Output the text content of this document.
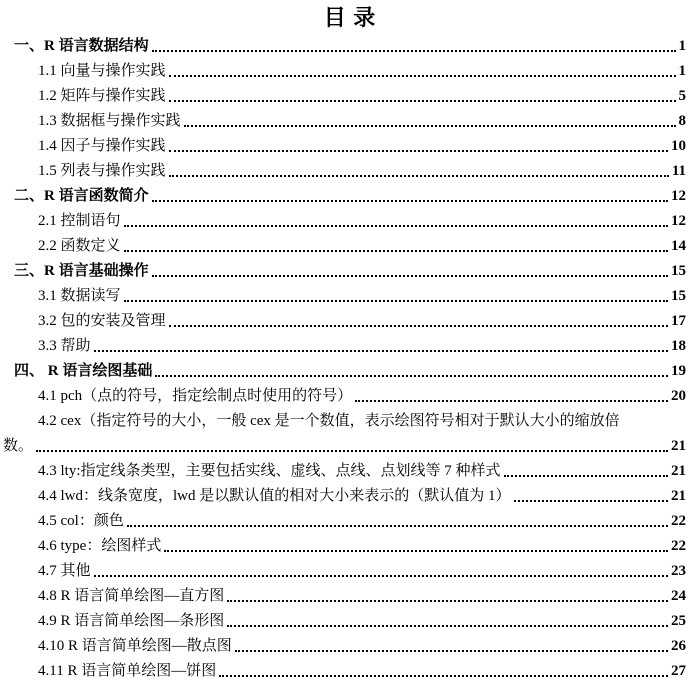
目 录
一、R 语言数据结构	1
1.1 向量与操作实践	1
1.2 矩阵与操作实践	5
1.3 数据框与操作实践	8
1.4 因子与操作实践	10
1.5 列表与操作实践	11
二、R 语言函数简介	12
2.1 控制语句	12
2.2 函数定义	14
三、R 语言基础操作	15
3.1 数据读写	15
3.2 包的安装及管理	17
3.3 帮助	18
四、 R 语言绘图基础	19
4.1 pch（点的符号，指定绘制点时使用的符号）	20
4.2 cex（指定符号的大小，一般 cex 是一个数值，表示绘图符号相对于默认大小的缩放倍
数。	21
4.3 lty:指定线条类型，主要包括实线、虚线、点线、点划线等 7 种样式	21
4.4 lwd：线条宽度，lwd 是以默认值的相对大小来表示的（默认值为 1）	21
4.5 col：颜色	22
4.6 type：绘图样式	22
4.7 其他	23
4.8 R 语言简单绘图—直方图	24
4.9 R 语言简单绘图—条形图	25
4.10 R 语言简单绘图—散点图	26
4.11 R 语言简单绘图—饼图	27
